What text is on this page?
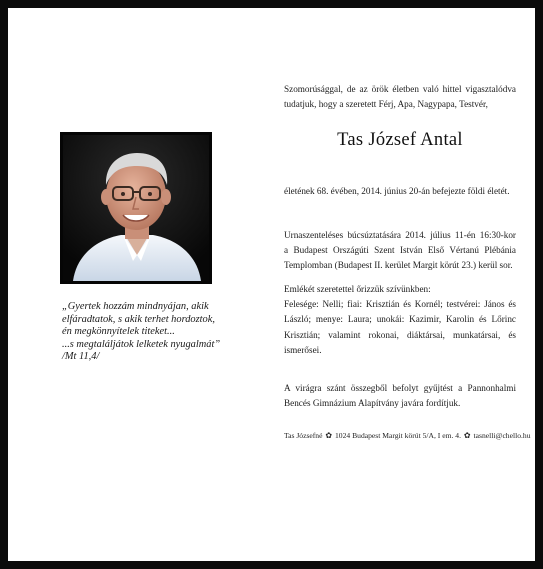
„Gyertek hozzám mindnyájan, akik
elfáradtatok, s akik terhet hordoztok,
én megkönnyítelek titeket...
...s megtaláljátok lelketek nyugalmát”
/Mt 11,4/
Szomorúsággal, de az örök életben való hittel vigasztalódva
tudatjuk, hogy a szeretett Férj, Apa, Nagypapa, Testvér,
Tas József Antal
életének 68. évében, 2014. június 20-án befejezte földi életét.
Urnaszenteléses búcsúztatására 2014. július 11-én 16:30-kor
a Budapest Országúti Szent István Első Vértanú Plébánia
Templomban (Budapest II. kerület Margit körút 23.) kerül sor.
Emlékét szeretettel őrizzük szívünkben:
Felesége: Nelli; fiai: Krisztián és Kornél; testvérei: János és
László; menye: Laura; unokái: Kazimir, Karolin és Lőrinc
Krisztián; valamint rokonai, diáktársai, munkatársai, és
ismerősei.
A virágra szánt összegből befolyt gyűjtést a Pannonhalmi
Bencés Gimnázium Alapítvány javára fordítjuk.
Tas Józsefné ✿ 1024 Budapest Margit körút 5/A, I em. 4. ✿ tasnelli@chello.hu
